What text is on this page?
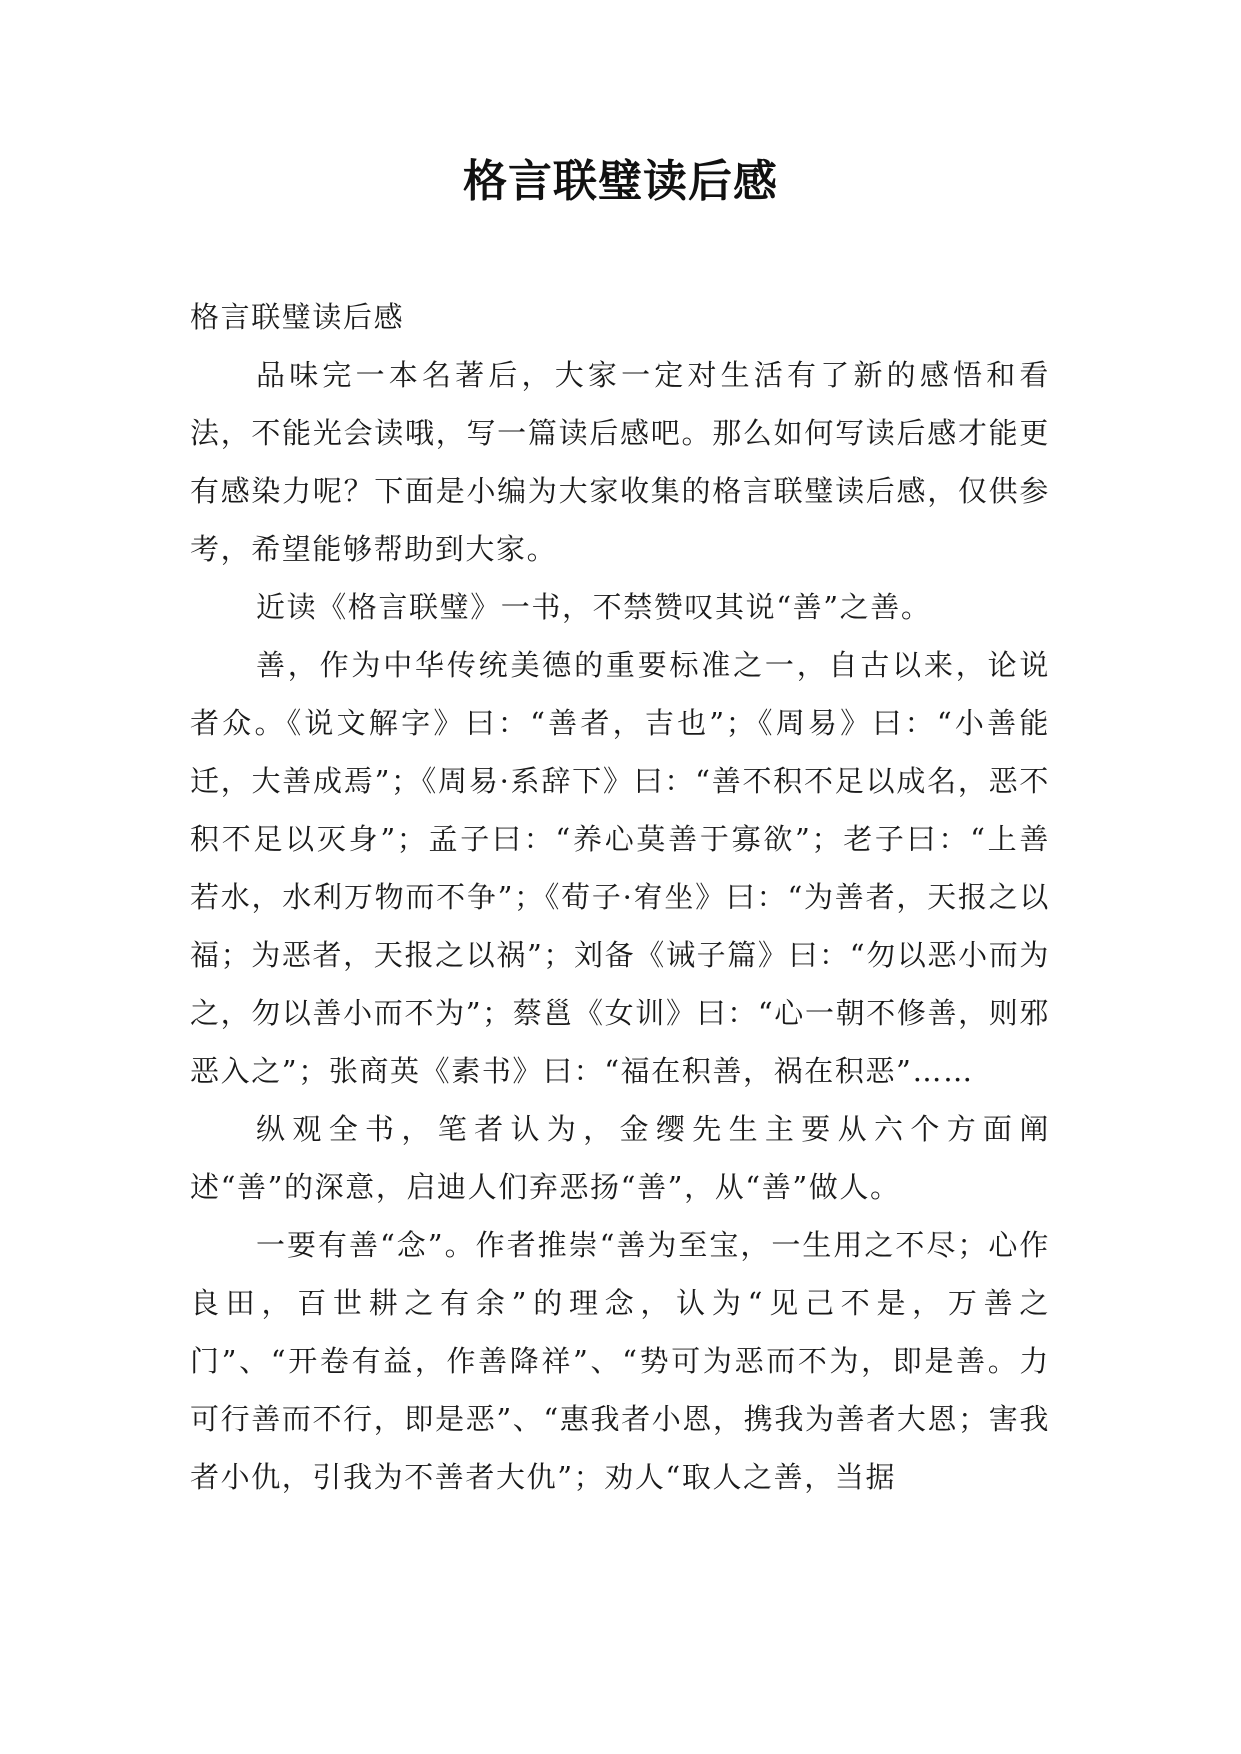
格言联璧读后感

格言联璧读后感

品味完一本名著后，大家一定对生活有了新的感悟和看法，不能光会读哦，写一篇读后感吧。那么如何写读后感才能更有感染力呢？下面是小编为大家收集的格言联璧读后感，仅供参考，希望能够帮助到大家。

近读《格言联璧》一书，不禁赞叹其说“善”之善。

善，作为中华传统美德的重要标准之一，自古以来，论说者众。《说文解字》曰：“善者，吉也”；《周易》曰：“小善能迁，大善成焉”；《周易·系辞下》曰：“善不积不足以成名，恶不积不足以灭身”；孟子曰：“养心莫善于寡欲”；老子曰：“上善若水，水利万物而不争”；《荀子·宥坐》曰：“为善者，天报之以福；为恶者，天报之以祸”；刘备《诫子篇》曰：“勿以恶小而为之，勿以善小而不为”；蔡邕《女训》曰：“心一朝不修善，则邪恶入之”；张商英《素书》曰：“福在积善，祸在积恶”……

纵观全书，笔者认为，金缨先生主要从六个方面阐述“善”的深意，启迪人们弃恶扬“善”，从“善”做人。

一要有善“念”。作者推崇“善为至宝，一生用之不尽；心作良田，百世耕之有余”的理念，认为“见己不是，万善之门”、“开卷有益，作善降祥”、“势可为恶而不为，即是善。力可行善而不行，即是恶”、“惠我者小恩，携我为善者大恩；害我者小仇，引我为不善者大仇”；劝人“取人之善，当据
